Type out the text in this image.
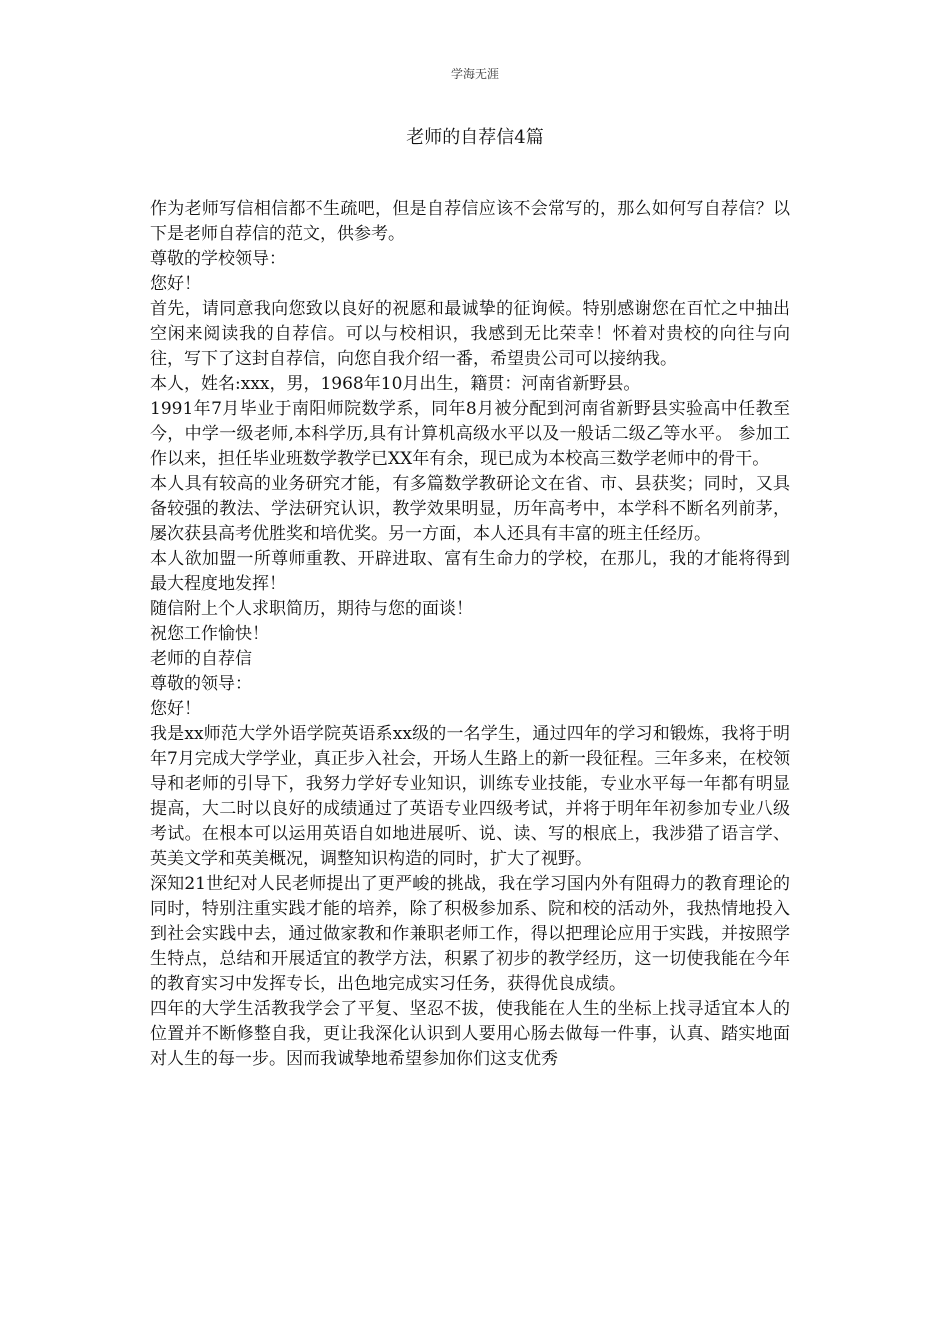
学海无涯
老师的自荐信4篇

作为老师写信相信都不生疏吧，但是自荐信应该不会常写的，那么如何写自荐信？以下是老师自荐信的范文，供参考。

尊敬的学校领导：

您好！

首先，请同意我向您致以良好的祝愿和最诚挚的征询候。特别感谢您在百忙之中抽出空闲来阅读我的自荐信。可以与校相识，我感到无比荣幸！怀着对贵校的向往与向往，写下了这封自荐信，向您自我介绍一番，希望贵公司可以接纳我。

本人，姓名:xxx，男，1968年10月出生，籍贯：河南省新野县。

1991年7月毕业于南阳师院数学系，同年8月被分配到河南省新野县实验高中任教至今，中学一级老师,本科学历,具有计算机高级水平以及一般话二级乙等水平。 参加工作以来，担任毕业班数学教学已XX年有余，现已成为本校高三数学老师中的骨干。

本人具有较高的业务研究才能，有多篇数学教研论文在省、市、县获奖；同时，又具备较强的教法、学法研究认识，教学效果明显，历年高考中，本学科不断名列前茅，屡次获县高考优胜奖和培优奖。另一方面，本人还具有丰富的班主任经历。

本人欲加盟一所尊师重教、开辟进取、富有生命力的学校，在那儿，我的才能将得到最大程度地发挥！

随信附上个人求职简历，期待与您的面谈！

祝您工作愉快！

老师的自荐信

尊敬的领导：

您好！

我是xx师范大学外语学院英语系xx级的一名学生，通过四年的学习和锻炼，我将于明年7月完成大学学业，真正步入社会，开场人生路上的新一段征程。三年多来，在校领导和老师的引导下，我努力学好专业知识，训练专业技能，专业水平每一年都有明显提高，大二时以良好的成绩通过了英语专业四级考试，并将于明年年初参加专业八级考试。在根本可以运用英语自如地进展听、说、读、写的根底上，我涉猎了语言学、英美文学和英美概况，调整知识构造的同时，扩大了视野。

深知21世纪对人民老师提出了更严峻的挑战，我在学习国内外有阻碍力的教育理论的同时，特别注重实践才能的培养，除了积极参加系、院和校的活动外，我热情地投入到社会实践中去，通过做家教和作兼职老师工作，得以把理论应用于实践，并按照学生特点，总结和开展适宜的教学方法，积累了初步的教学经历，这一切使我能在今年的教育实习中发挥专长，出色地完成实习任务，获得优良成绩。

四年的大学生活教我学会了平复、坚忍不拔，使我能在人生的坐标上找寻适宜本人的位置并不断修整自我，更让我深化认识到人要用心肠去做每一件事，认真、踏实地面对人生的每一步。因而我诚挚地希望参加你们这支优秀
